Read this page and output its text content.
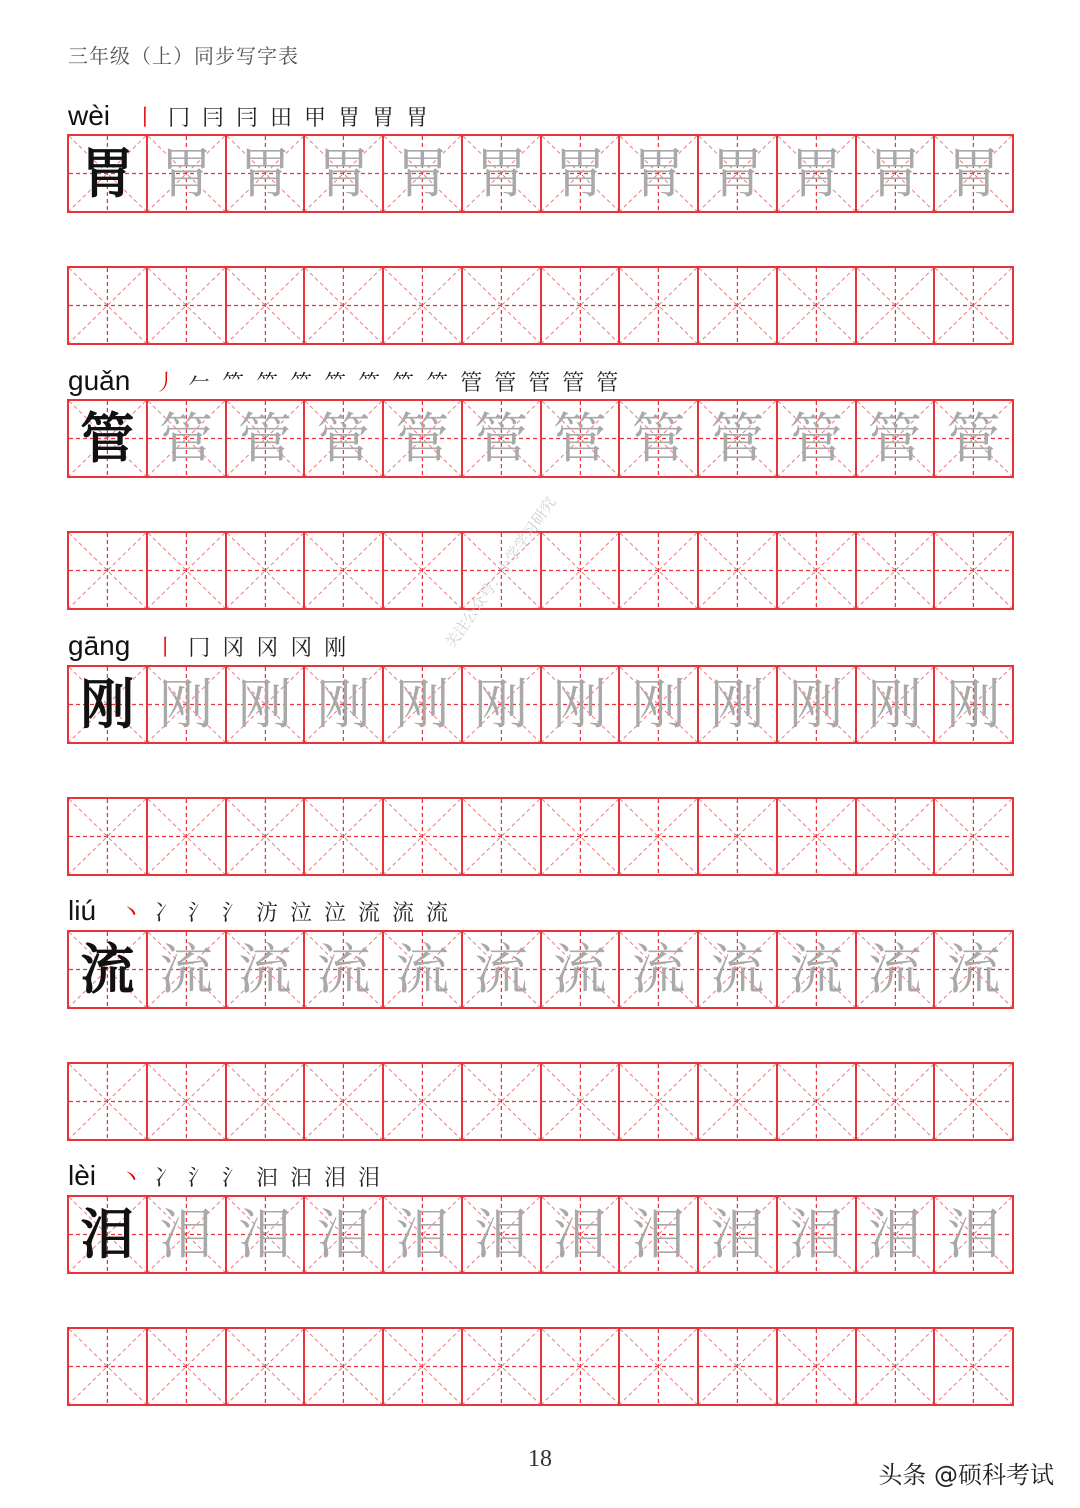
三年级（上）同步写字表
wèi 丨 冂 冃 冃 田 甲 胃 胃 胃
胃 胃 胃 胃 胃 胃 胃 胃 胃 胃 胃 胃
guǎn 丿 𠂉 ⺮ ⺮ ⺮ ⺮ ⺮ ⺮ ⺮ 管 管 管 管 管
管 管 管 管 管 管 管 管 管 管 管 管
gāng 丨 冂 冈 冈 冈 刚
刚 刚 刚 刚 刚 刚 刚 刚 刚 刚 刚 刚
liú 丶 冫 氵 氵 汸 泣 泣 流 流 流
流 流 流 流 流 流 流 流 流 流 流 流
lèi 丶 冫 氵 氵 汩 汩 泪 泪
泪 泪 泪 泪 泪 泪 泪 泪 泪 泪 泪 泪
关注公众号：小学学习研究
18
头条 @硕科考试
